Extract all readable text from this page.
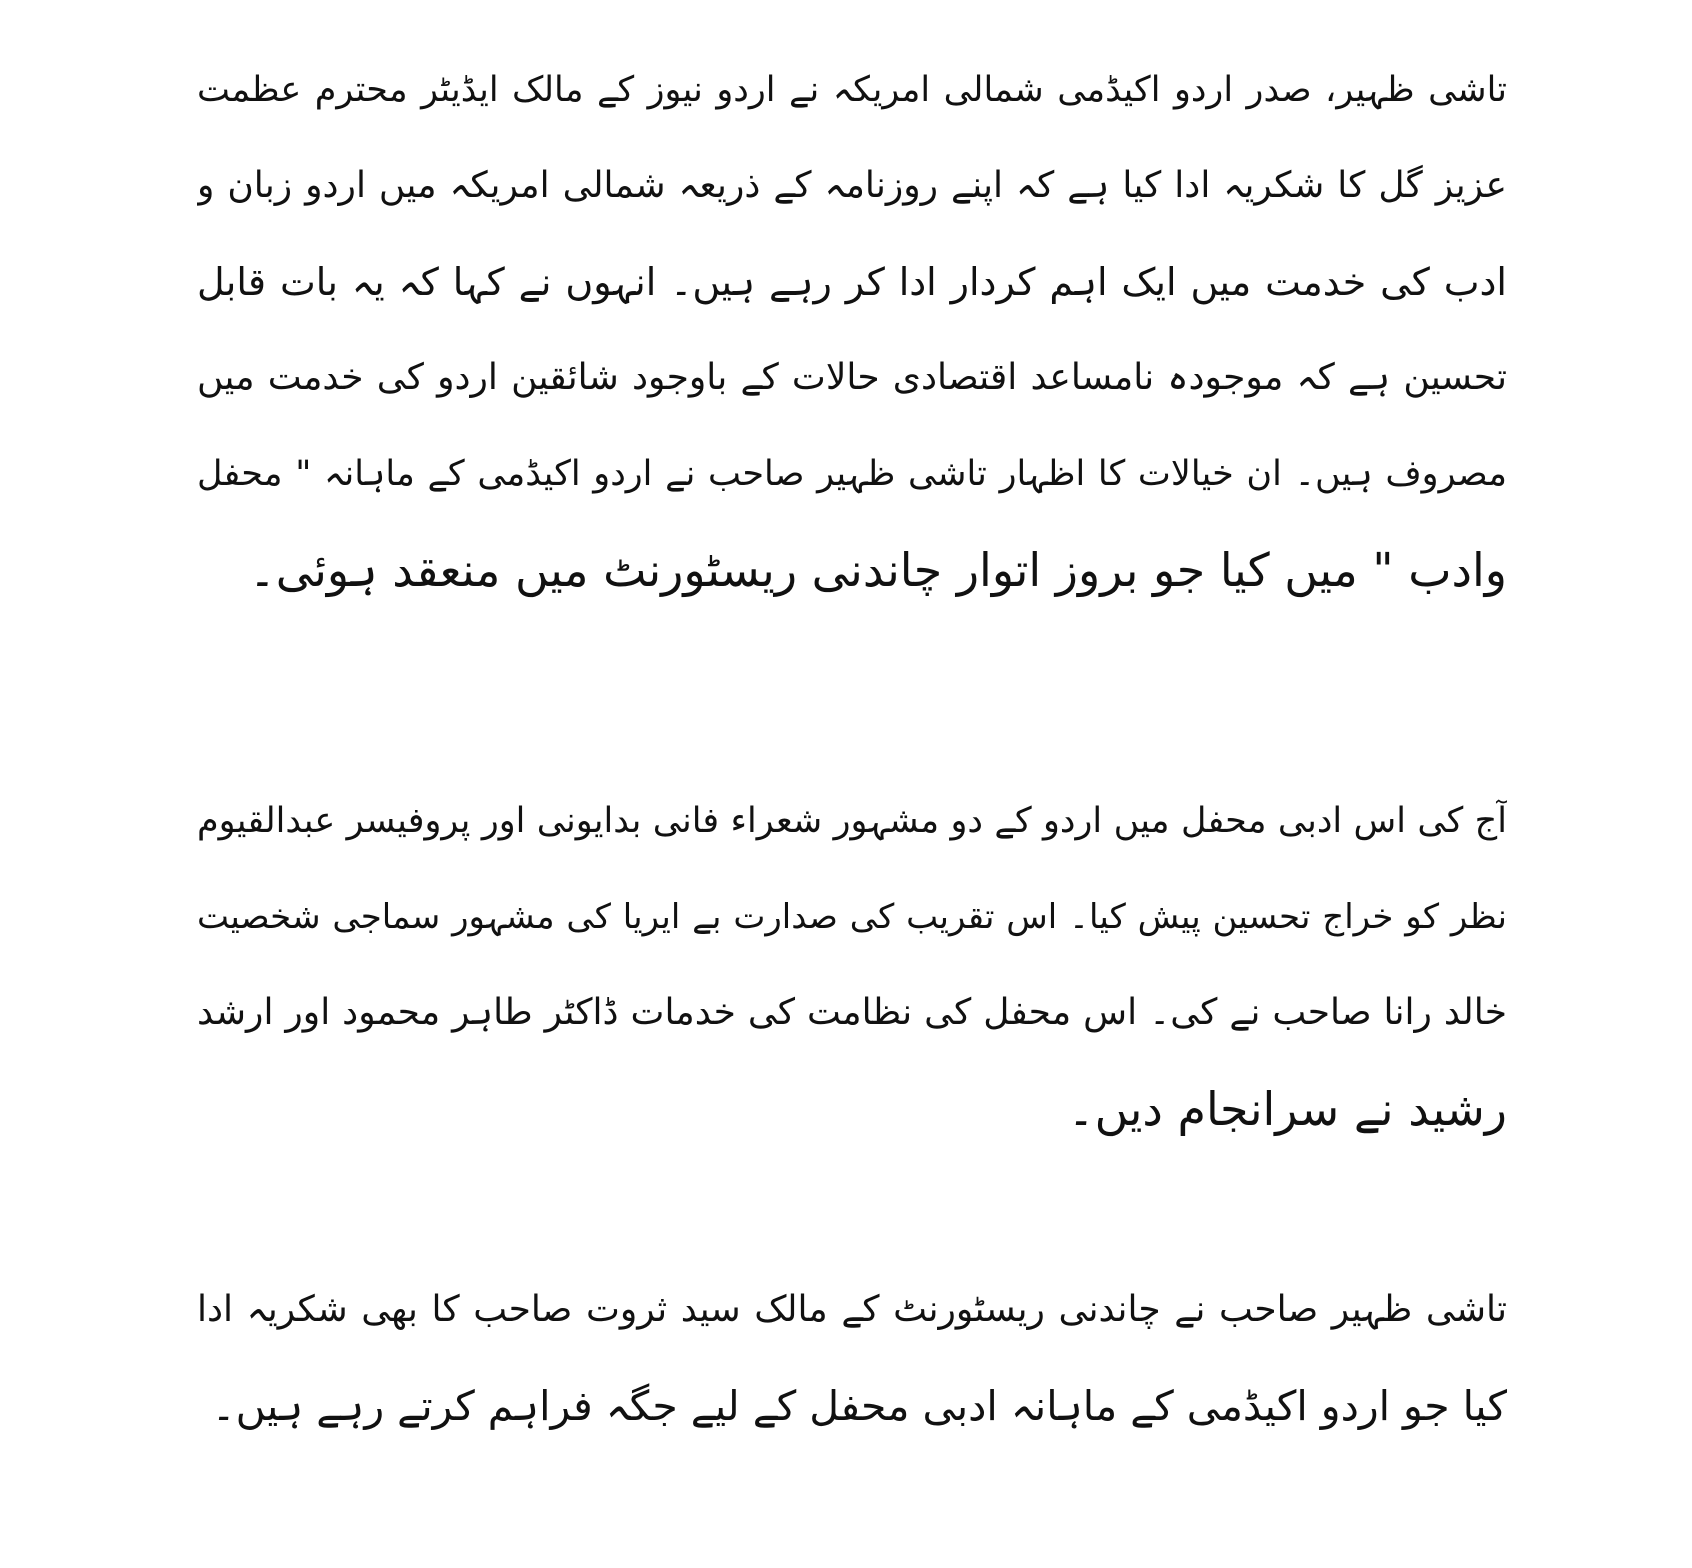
تاشی ظہیر، صدر اردو اکیڈمی شمالی امریکہ نے اردو نیوز کے مالک ایڈیٹر محترم عظمت
عزیز گل کا شکریہ ادا کیا ہے کہ اپنے روزنامہ کے ذریعہ شمالی امریکہ میں اردو زبان و
ادب کی خدمت میں ایک اہم کردار ادا کر رہے ہیں۔ انہوں نے کہا کہ یہ بات قابل
تحسین ہے کہ موجودہ نامساعد اقتصادی حالات کے باوجود شائقین اردو کی خدمت میں
مصروف ہیں۔ ان خیالات کا اظہار تاشی ظہیر صاحب نے اردو اکیڈمی کے ماہانہ " محفل
وادب " میں کیا جو بروز اتوار چاندنی ریسٹورنٹ میں منعقد ہوئی۔
آج کی اس ادبی محفل میں اردو کے دو مشہور شعراء فانی بدایونی اور پروفیسر عبدالقیوم
نظر کو خراج تحسین پیش کیا۔ اس تقریب کی صدارت بے ایریا کی مشہور سماجی شخصیت
خالد رانا صاحب نے کی۔ اس محفل کی نظامت کی خدمات ڈاکٹر طاہر محمود اور ارشد
رشید نے سرانجام دیں۔
تاشی ظہیر صاحب نے چاندنی ریسٹورنٹ کے مالک سید ثروت صاحب کا بھی شکریہ ادا
کیا جو اردو اکیڈمی کے ماہانہ ادبی محفل کے لیے جگہ فراہم کرتے رہے ہیں۔
